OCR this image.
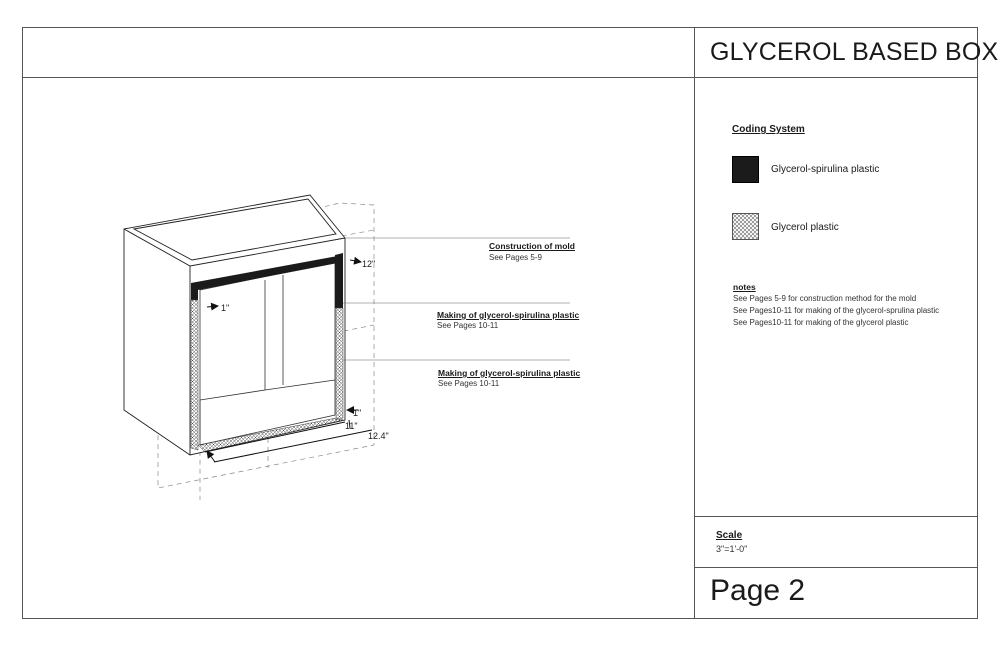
GLYCEROL BASED BOX
Coding System
Glycerol-spirulina plastic
Glycerol plastic
notes
See Pages 5-9 for construction method for the mold
See Pages10-11 for making of the glycerol-sprulina plastic
See Pages10-11 for making of the glycerol plastic
Scale
3"=1'-0"
Page 2
1"
12"
1"
11"
12.4"
Construction of mold
See Pages 5-9
Making of glycerol-spirulina plastic
See Pages 10-11
Making of glycerol-spirulina plastic
See Pages 10-11
